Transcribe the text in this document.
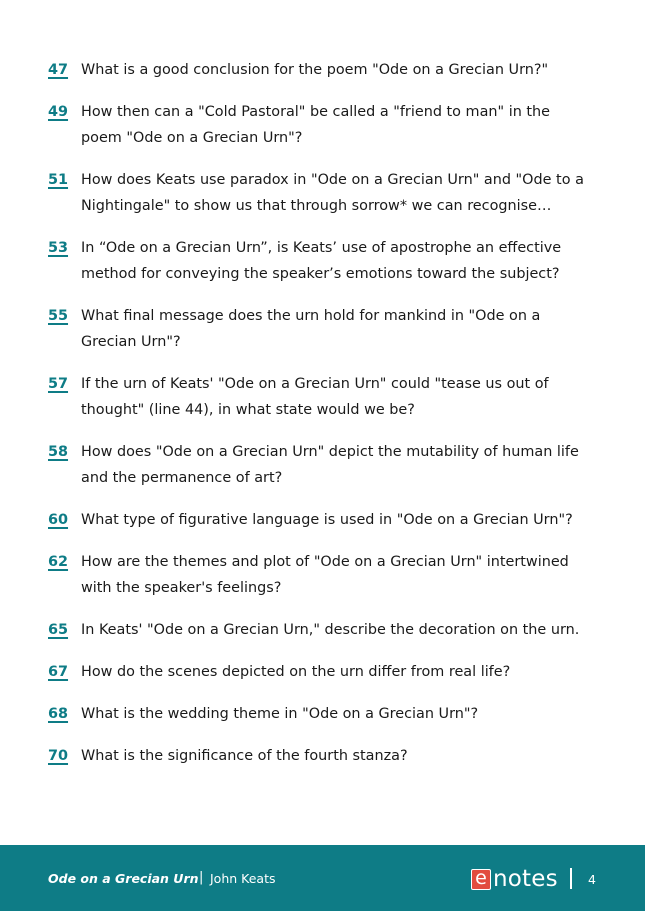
47 What is a good conclusion for the poem "Ode on a Grecian Urn?"
49 How then can a "Cold Pastoral" be called a "friend to man" in the
poem "Ode on a Grecian Urn"?
51 How does Keats use paradox in "Ode on a Grecian Urn" and "Ode to a
Nightingale" to show us that through sorrow* we can recognise…
53 In “Ode on a Grecian Urn”, is Keats’ use of apostrophe an effective
method for conveying the speaker’s emotions toward the subject?
55 What final message does the urn hold for mankind in "Ode on a
Grecian Urn"?
57 If the urn of Keats' "Ode on a Grecian Urn" could "tease us out of
thought" (line 44), in what state would we be?
58 How does "Ode on a Grecian Urn" depict the mutability of human life
and the permanence of art?
60 What type of figurative language is used in "Ode on a Grecian Urn"?
62 How are the themes and plot of "Ode on a Grecian Urn" intertwined
with the speaker's feelings?
65 In Keats' "Ode on a Grecian Urn," describe the decoration on the urn.
67 How do the scenes depicted on the urn differ from real life?
68 What is the wedding theme in "Ode on a Grecian Urn"?
70 What is the significance of the fourth stanza?
Ode on a Grecian Urn | John Keats	e notes 4
